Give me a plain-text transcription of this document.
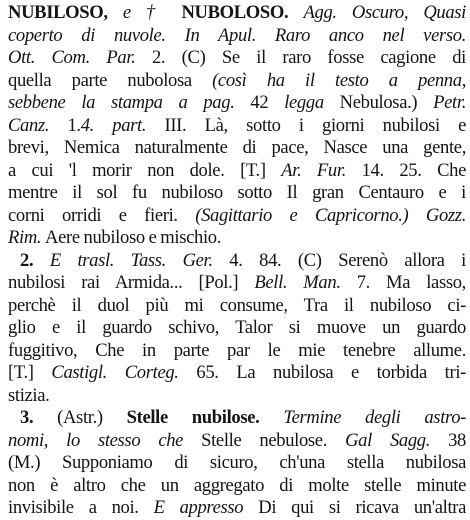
NUBILOSO, e † NUBOLOSO. Agg. Oscuro, Quasi
coperto di nuvole. In Apul. Raro anco nel verso.
Ott. Com. Par. 2. (C) Se il raro fosse cagione di
quella parte nubolosa (così ha il testo a penna,
sebbene la stampa a pag. 42 legga Nebulosa.) Petr.
Canz. 1.4. part. III. Là, sotto i giorni nubilosi e
brevi, Nemica naturalmente di pace, Nasce una gente,
a cui 'l morir non dole. [T.] Ar. Fur. 14. 25. Che
mentre il sol fu nubiloso sotto Il gran Centauro e i
corni orridi e fieri. (Sagittario e Capricorno.) Gozz.
Rim. Aere nubiloso e mischio.
2. E trasl. Tass. Ger. 4. 84. (C) Serenò allora i
nubilosi rai Armida... [Pol.] Bell. Man. 7. Ma lasso,
perchè il duol più mi consume, Tra il nubiloso ci-
glio e il guardo schivo, Talor si muove un guardo
fuggitivo, Che in parte par le mie tenebre allume.
[T.] Castigl. Corteg. 65. La nubilosa e torbida tri-
stizia.
3. (Astr.) Stelle nubilose. Termine degli astro-
nomi, lo stesso che Stelle nebulose. Gal Sagg. 38
(M.) Supponiamo di sicuro, ch'una stella nubilosa
non è altro che un aggregato di molte stelle minute
invisibile a noi. E appresso Di qui si ricava un'altra
